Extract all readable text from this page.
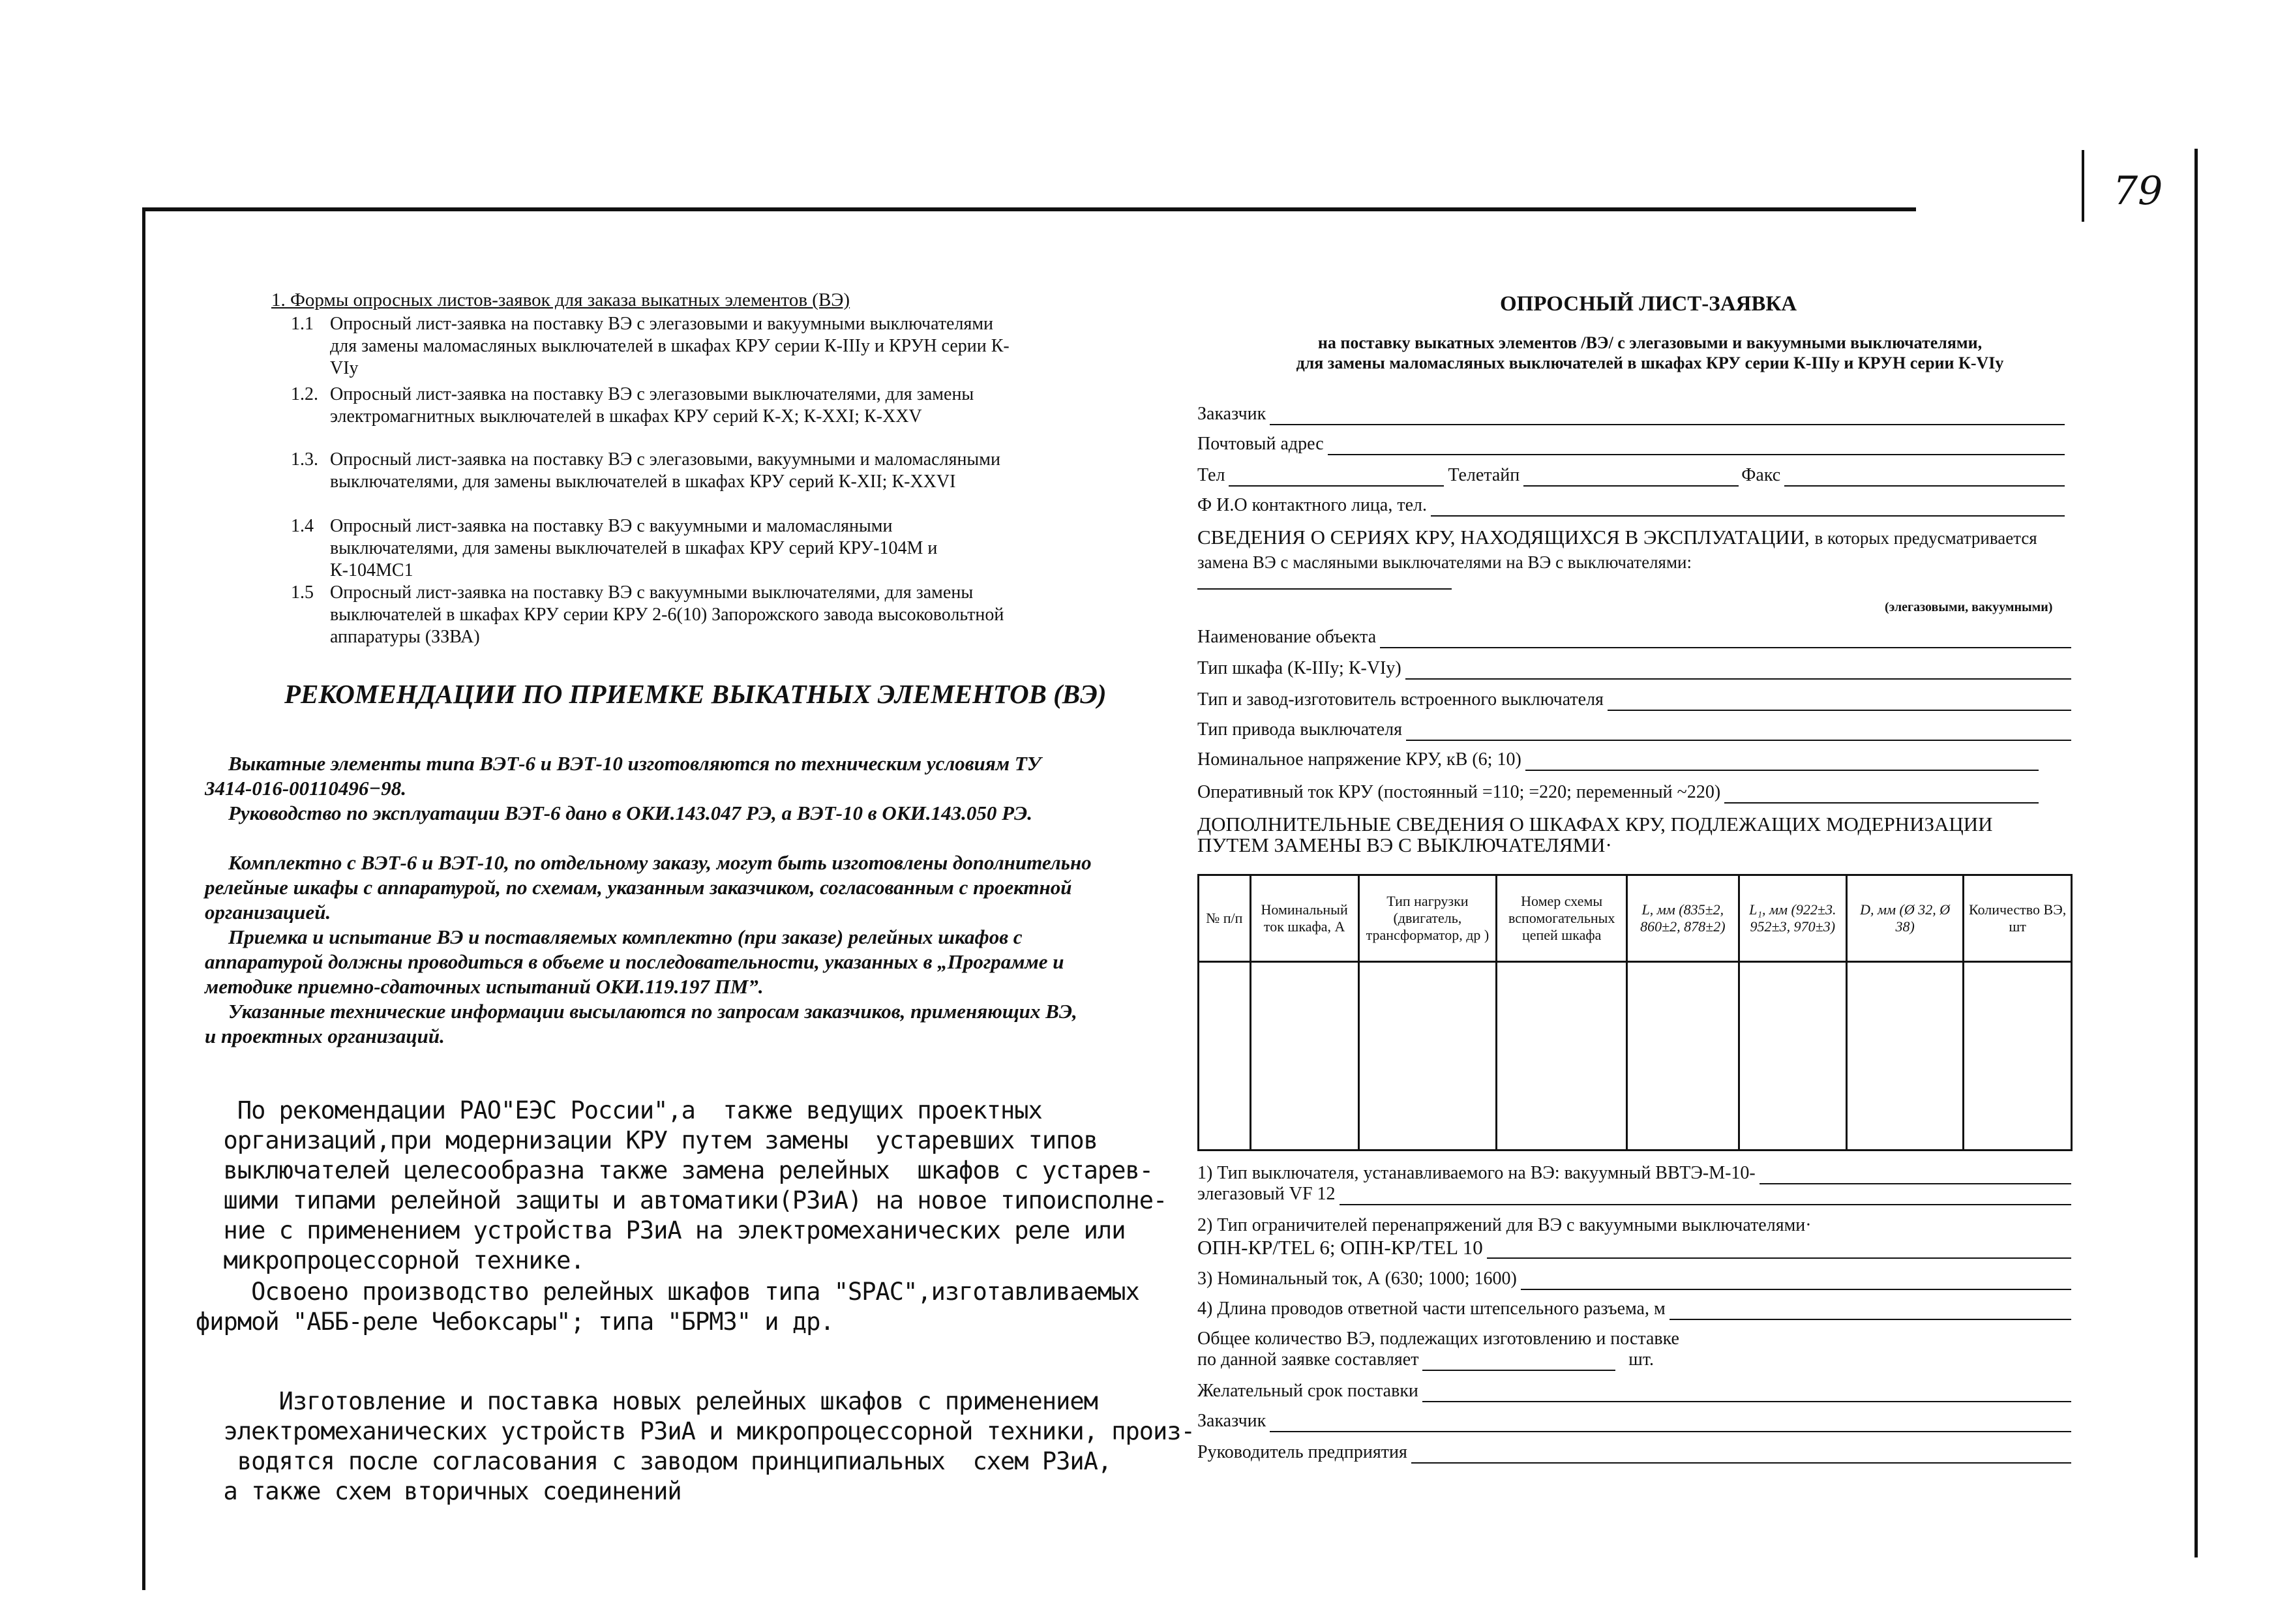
79
1. Формы опросных листов-заявок для заказа выкатных элементов (ВЭ)
1.1 Опросный лист-заявка на поставку ВЭ с элегазовыми и вакуумными выключателями для замены маломасляных выключателей в шкафах КРУ серии К-IIIу и КРУН серии К-VIу
1.2. Опросный лист-заявка на поставку ВЭ с элегазовыми выключателями, для замены электромагнитных выключателей в шкафах КРУ серий К-Х; К-ХХI; К-ХХV
1.3. Опросный лист-заявка на поставку ВЭ с элегазовыми, вакуумными и маломасляными выключателями, для замены выключателей в шкафах КРУ серий К-ХII; К-ХХVI
1.4 Опросный лист-заявка на поставку ВЭ с вакуумными и маломасляными выключателями, для замены выключателей в шкафах КРУ серий КРУ-104М и К-104МС1
1.5 Опросный лист-заявка на поставку ВЭ с вакуумными выключателями, для замены выключателей в шкафах КРУ серии КРУ 2-6(10) Запорожского завода высоковольтной аппаратуры (ЗЗВА)
РЕКОМЕНДАЦИИ ПО ПРИЕМКЕ ВЫКАТНЫХ ЭЛЕМЕНТОВ (ВЭ)
Выкатные элементы типа ВЭТ-6 и ВЭТ-10 изготовляются по техническим условиям ТУ 3414-016-00110496−98.
Руководство по эксплуатации ВЭТ-6 дано в ОКИ.143.047 РЭ, а ВЭТ-10 в ОКИ.143.050 РЭ.
Комплектно с ВЭТ-6 и ВЭТ-10, по отдельному заказу, могут быть изготовлены дополнительно релейные шкафы с аппаратурой, по схемам, указанным заказчиком, согласованным с проектной организацией.
Приемка и испытание ВЭ и поставляемых комплектно (при заказе) релейных шкафов с аппаратурой должны проводиться в объеме и последовательности, указанных в „Программе и методике приемно-сдаточных испытаний ОКИ.119.197 ПМ”.
Указанные технические информации высылаются по запросам заказчиков, применяющих ВЭ, и проектных организаций.
По рекомендации РАО"ЕЭС России",а  также ведущих проектных
организаций,при модернизации КРУ путем замены  устаревших типов
выключателей целесообразна также замена релейных  шкафов с устарев-
шими типами релейной защиты и автоматики(РЗиА) на новое типоисполне-
ние с применением устройства РЗиА на электромеханических реле или
микропроцессорной технике.
Освоено производство релейных шкафов типа "SPAC",изготавливаемых
фирмой "АББ-реле Чебоксары"; типа "БРМЗ" и др.
Изготовление и поставка новых релейных шкафов с применением
электромеханических устройств РЗиА и микропроцессорной техники, произ-
водятся после согласования с заводом принципиальных  схем РЗиА,
а также схем вторичных соединений
ОПРОСНЫЙ ЛИСТ-ЗАЯВКА
на поставку выкатных элементов /ВЭ/ с элегазовыми и вакуумными выключателями,
для замены маломасляных выключателей в шкафах КРУ серии К-IIIу и КРУН серии К-VIу
Заказчик
Почтовый адрес
Тел	Телетайп	Факс
Ф И.О контактного лица, тел.
СВЕДЕНИЯ О СЕРИЯХ КРУ, НАХОДЯЩИХСЯ В ЭКСПЛУАТАЦИИ, в которых предусматривается замена ВЭ с масляными выключателями на ВЭ с выключателями:
(элегазовыми, вакуумными)
Наименование объекта
Тип шкафа (К-IIIу; К-VIу)
Тип и завод-изготовитель встроенного выключателя
Тип привода выключателя
Номинальное напряжение КРУ, кВ (6; 10)
Оперативный ток КРУ (постоянный =110; =220; переменный ~220)
ДОПОЛНИТЕЛЬНЫЕ СВЕДЕНИЯ О ШКАФАХ КРУ, ПОДЛЕЖАЩИХ МОДЕРНИЗАЦИИ
ПУТЕМ ЗАМЕНЫ ВЭ С ВЫКЛЮЧАТЕЛЯМИ·
№ п/п	Номинальный ток шкафа, А	Тип нагрузки (двигатель, трансформатор, др )	Номер схемы вспомогательных цепей шкафа	L, мм (835±2, 860±2, 878±2)	L₁, мм (922±3. 952±3, 970±3)	D, мм (Ø 32, Ø 38)	Количество ВЭ, шт

1) Тип выключателя, устанавливаемого на ВЭ: вакуумный ВВТЭ-М-10-
элегазовый VF 12
2) Тип ограничителей перенапряжений для ВЭ с вакуумными выключателями·
ОПН-КР/TEL 6; ОПН-КР/TEL 10
3) Номинальный ток, А (630; 1000; 1600)
4) Длина проводов ответной части штепсельного разъема, м
Общее количество ВЭ, подлежащих изготовлению и поставке
по данной заявке составляет	шт.
Желательный срок поставки
Заказчик
Руководитель предприятия
